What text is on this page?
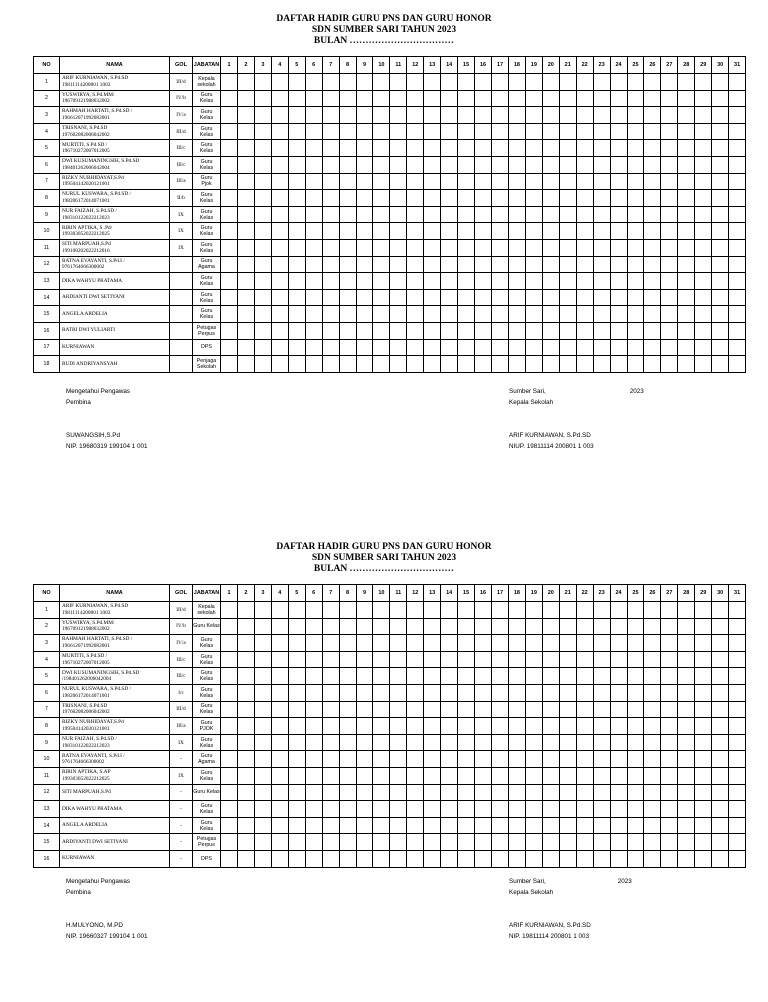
DAFTAR HADIR GURU PNS DAN GURU HONOR
SDN SUMBER SARI TAHUN 2023
BULAN ……………………………
NO	NAMA	GOL	JABATAN	1	2	3	4	5	6	7	8	9	10	11	12	13	14	15	16	17	18	19	20	21	22	23	24	25	26	27	28	29	30	31
1	ARIF KURNIAWAN, S.Pd.SD
19811114200801 1003	III/d	Kepala
sekolah																															

2	YUSWIRYA, S.Pd.MM/
196709121988032002	IV/b	Guru
Kelas																															

3	RAHMAH HARTATI, S.Pd.SD /
196612071992082001	IV/a	Guru
Kelas																															

4	TRISNANI, S.Pd.SD
197602082006042002	III/d	Guru
Kelas																															

5	MURTITI, S.Pd.SD /
196710272007012005	III/c	Guru
Kelas																															

6	DWI KUSUMANINGSIH, S.Pd.SD
198401262006042004	III/c	Guru
Kelas																															

7	RIZKY NURHIDAYAT,S.Pd
199504142020121001	III/a	Guru
Pjok																															

8	NURUL KUSWARA, S.Pd.SD /
198206172014071001	II/b	Guru
Kelas																															

9	NUR FAIZAH, S.Pd.SD /
198310122022212023	IX	Guru
Kelas																															

10	RIRIN APTIKA, S .Pd/
199303052022212025	IX	Guru
Kelas																															

11	SITI MARPUAH,S.Pd
199108202022212016	IX	Guru
Kelas																															

12	RATNA EVAYANTI, S.Pd.I /
9761764666300002		Guru
Agama																															

13	DIKA WAHYU PRATAMA		Guru
Kelas																															

14	ARDIANTI DWI SETIYANI		Guru
Kelas																															

15	ANGELA ARDELIA		Guru
Kelas																															

16	RATRI DWI YULIARTI		Petugas
Perpus																															

17	KURNIAWAN		DPS																															

18	RUDI ANDRIYANSYAH		Penjaga
Sekolah																															

Mengetahui Pengawas
Pembina
SUWANGSIH,S.Pd
NIP. 19680319 199104 1 001
Sumber Sari,	2023
Kepala Sekolah
ARIF KURNIAWAN, S.Pd.SD
NIUP. 19811114 200801 1 003
DAFTAR HADIR GURU PNS DAN GURU HONOR
SDN SUMBER SARI TAHUN 2023
BULAN ……………………………
NO	NAMA	GOL	JABATAN	1	2	3	4	5	6	7	8	9	10	11	12	13	14	15	16	17	18	19	20	21	22	23	24	25	26	27	28	29	30	31
1	ARIF KURNIAWAN, S.Pd.SD
19811114200801 1003	III/d	Kepala
sekolah																															

2	YUSWIRYA, S.Pd.MM/
196709121988032002	IV/b	Guru Kelas																															

3	RAHMAH HARTATI, S.Pd.SD /
196612071992082001	IV/a	Guru
Kelas																															

4	MURTITI, S.Pd.SD /
196710272007012005	III/c	Guru
Kelas																															

5	DWI KUSUMANINGSIH, S.Pd.SD
/198401262006042004	III/c	Guru
Kelas																															

6	NURUL KUSWARA, S.Pd.SD /
198206172014071001	I/c	Guru
Kelas																															

7	TRISNANI, S.Pd.SD
197602082006042002	III/d	Guru
Kelas																															

8	RIZKY NURHIDAYAT,S.Pd
199504142020121001	III/a	Guru
PJOK																															

9	NUR FAIZAH, S.Pd.SD /
198310122022212023	IX	Guru
Kelas																															

10	RATNA EVAYANTI, S.Pd.I /
9761764666300002	-	Guru
Agama																															

11	RIRIN APTIKA, S.AP
199303052022212025	IX	Guru
Kelas																															

12	SITI MARPUAH,S.Pd	-	Guru Kelas																															

13	DIKA WAHYU PRATAMA	-	Guru
Kelas																															

14	ANGELA ARDELIA	-	Guru
Kelas																															

15	ARDIYANTI DWI SETIYANI	-	Petugas
Perpus																															

16	KURNIAWAN	-	DPS																															

Mengetahui Pengawas
Pembina
H.MULYONO, M.PD
NIP. 19660327 199104 1 001
Sumber Sari,	2023
Kepala Sekolah
ARIF KURNIAWAN, S.Pd.SD
NIP. 19811114 200801 1 003
